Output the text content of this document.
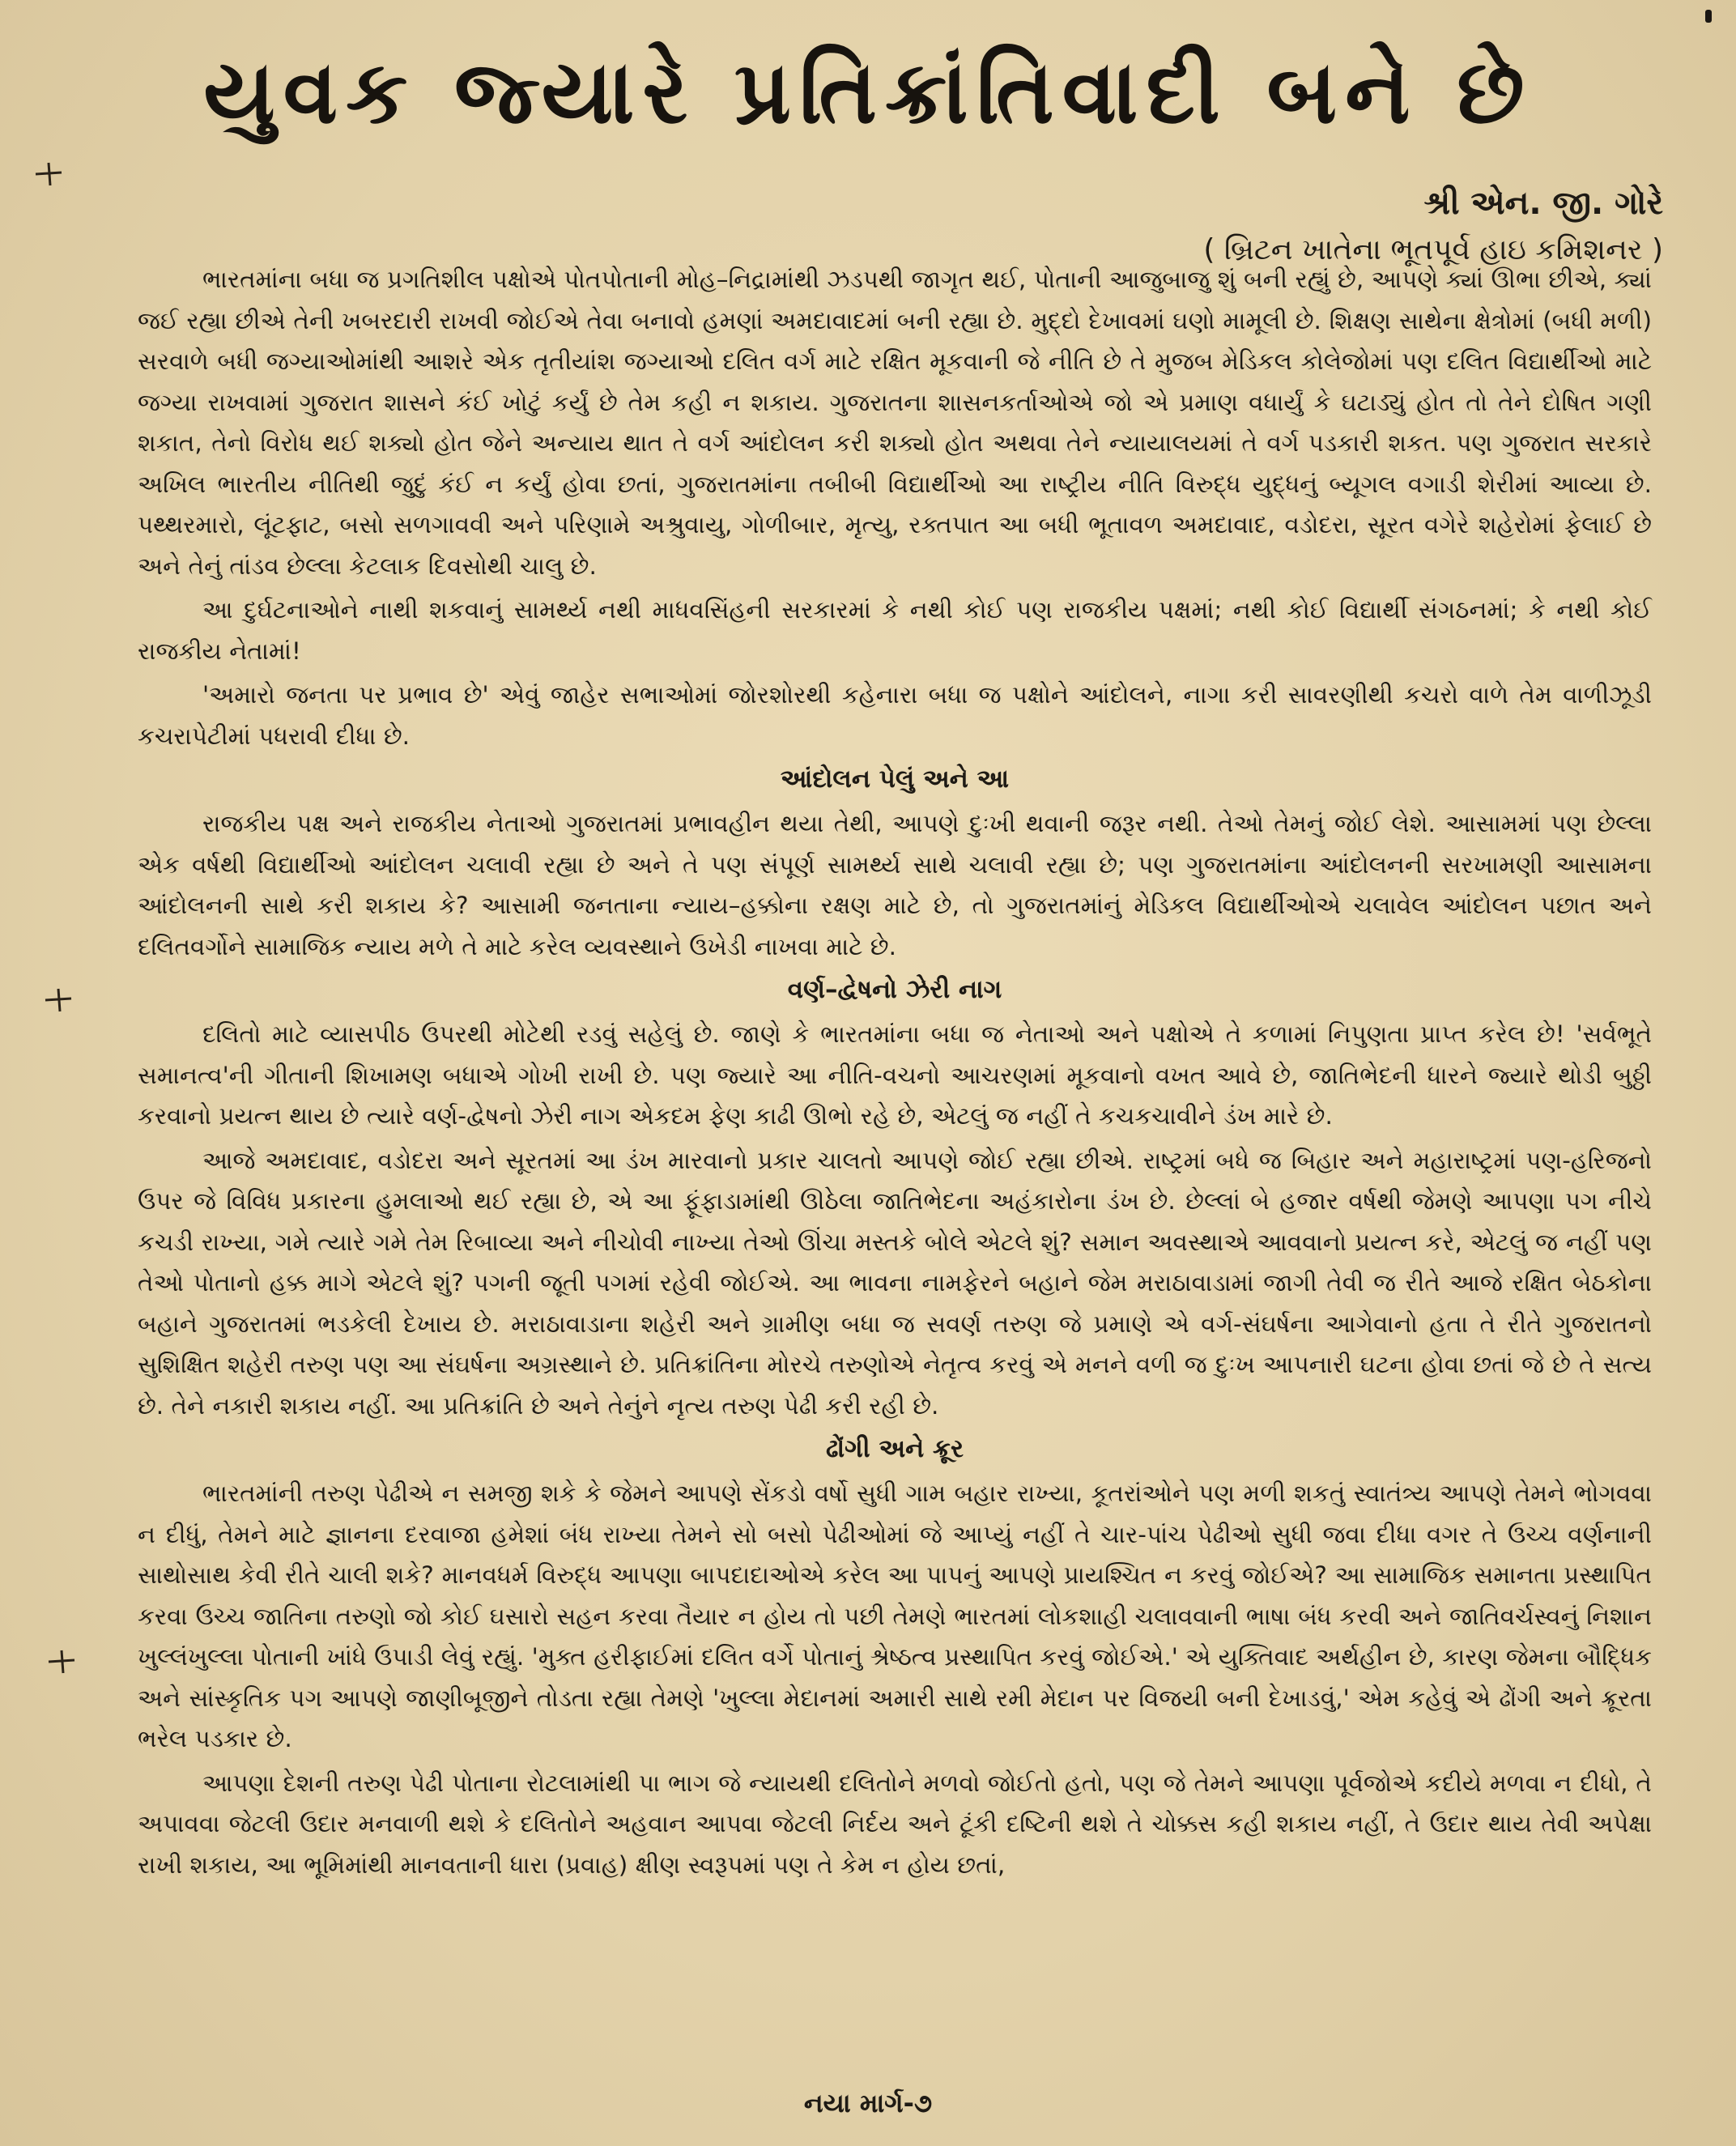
યુવક જ્યારે પ્રતિક્રાંતિવાદી બને છે
શ્રી એન. જી. ગોરે
( બ્રિટન ખાતેના ભૂતપૂર્વ હાઇ કમિશનર )

ભારતમાંના બધા જ પ્રગતિશીલ પક્ષોએ પોતપોતાની મોહ–નિદ્રામાંથી ઝડપથી જાગૃત થઈ, પોતાની આજુબાજુ શું બની રહ્યું છે, આપણે ક્યાં ઊભા છીએ, ક્યાં જઈ રહ્યા છીએ તેની ખબરદારી રાખવી જોઈએ તેવા બનાવો હમણાં અમદાવાદમાં બની રહ્યા છે. મુદ્દો દેખાવમાં ઘણો મામૂલી છે. શિક્ષણ સાથેના ક્ષેત્રોમાં (બધી મળી) સરવાળે બધી જગ્યાઓમાંથી આશરે એક તૃતીયાંશ જગ્યાઓ દલિત વર્ગ માટે રક્ષિત મૂકવાની જે નીતિ છે તે મુજબ મેડિકલ કોલેજોમાં પણ દલિત વિદ્યાર્થીઓ માટે જગ્યા રાખવામાં ગુજરાત શાસને કંઈ ખોટું કર્યું છે તેમ કહી ન શકાય. ગુજરાતના શાસનકર્તાઓએ જો એ પ્રમાણ વધાર્યું કે ઘટાડ્યું હોત તો તેને દોષિત ગણી શકાત, તેનો વિરોધ થઈ શક્યો હોત જેને અન્યાય થાત તે વર્ગ આંદોલન કરી શક્યો હોત અથવા તેને ન્યાયાલયમાં તે વર્ગ પડકારી શકત. પણ ગુજરાત સરકારે અખિલ ભારતીય નીતિથી જુદું કંઈ ન કર્યું હોવા છતાં, ગુજરાતમાંના તબીબી વિદ્યાર્થીઓ આ રાષ્ટ્રીય નીતિ વિરુદ્ધ યુદ્ધનું બ્યૂગલ વગાડી શેરીમાં આવ્યા છે. પથ્થરમારો, લૂંટફાટ, બસો સળગાવવી અને પરિણામે અશ્રુવાયુ, ગોળીબાર, મૃત્યુ, રક્તપાત આ બધી ભૂતાવળ અમદાવાદ, વડોદરા, સૂરત વગેરે શહેરોમાં ફેલાઈ છે અને તેનું તાંડવ છેલ્લા કેટલાક દિવસોથી ચાલુ છે.

આ દુર્ઘટનાઓને નાથી શકવાનું સામર્થ્ય નથી માધવસિંહની સરકારમાં કે નથી કોઈ પણ રાજકીય પક્ષમાં; નથી કોઈ વિદ્યાર્થી સંગઠનમાં; કે નથી કોઈ રાજકીય નેતામાં!

'અમારો જનતા પર પ્રભાવ છે' એવું જાહેર સભાઓમાં જોરશોરથી કહેનારા બધા જ પક્ષોને આંદોલને, નાગા કરી સાવરણીથી કચરો વાળે તેમ વાળીઝૂડી કચરાપેટીમાં પધરાવી દીધા છે.

આંદોલન પેલું અને આ

રાજકીય પક્ષ અને રાજકીય નેતાઓ ગુજરાતમાં પ્રભાવહીન થયા તેથી, આપણે દુઃખી થવાની જરૂર નથી. તેઓ તેમનું જોઈ લેશે. આસામમાં પણ છેલ્લા એક વર્ષથી વિદ્યાર્થીઓ આંદોલન ચલાવી રહ્યા છે અને તે પણ સંપૂર્ણ સામર્થ્ય સાથે ચલાવી રહ્યા છે; પણ ગુજરાતમાંના આંદોલનની સરખામણી આસામના આંદોલનની સાથે કરી શકાય કે? આસામી જનતાના ન્યાય–હક્કોના રક્ષણ માટે છે, તો ગુજરાતમાંનું મેડિકલ વિદ્યાર્થીઓએ ચલાવેલ આંદોલન પછાત અને દલિતવર્ગોને સામાજિક ન્યાય મળે તે માટે કરેલ વ્યવસ્થાને ઉખેડી નાખવા માટે છે.

વર્ણ–દ્વેષનો ઝેરી નાગ

દલિતો માટે વ્યાસપીઠ ઉપરથી મોટેથી રડવું સહેલું છે. જાણે કે ભારતમાંના બધા જ નેતાઓ અને પક્ષોએ તે કળામાં નિપુણતા પ્રાપ્ત કરેલ છે! 'સર્વભૂતે સમાનત્વ'ની ગીતાની શિખામણ બધાએ ગોખી રાખી છે. પણ જ્યારે આ નીતિ-વચનો આચરણમાં મૂકવાનો વખત આવે છે, જાતિભેદની ધારને જ્યારે થોડી બુઠ્ઠી કરવાનો પ્રયત્ન થાય છે ત્યારે વર્ણ-દ્વેષનો ઝેરી નાગ એકદમ ફેણ કાઢી ઊભો રહે છે, એટલું જ નહીં તે કચકચાવીને ડંખ મારે છે.

આજે અમદાવાદ, વડોદરા અને સૂરતમાં આ ડંખ મારવાનો પ્રકાર ચાલતો આપણે જોઈ રહ્યા છીએ. રાષ્ટ્રમાં બધે જ બિહાર અને મહારાષ્ટ્રમાં પણ-હરિજનો ઉપર જે વિવિધ પ્રકારના હુમલાઓ થઈ રહ્યા છે, એ આ ફૂંફાડામાંથી ઊઠેલા જાતિભેદના અહંકારોના ડંખ છે. છેલ્લાં બે હજાર વર્ષથી જેમણે આપણા પગ નીચે કચડી રાખ્યા, ગમે ત્યારે ગમે તેમ રિબાવ્યા અને નીચોવી નાખ્યા તેઓ ઊંચા મસ્તકે બોલે એટલે શું? સમાન અવસ્થાએ આવવાનો પ્રયત્ન કરે, એટલું જ નહીં પણ તેઓ પોતાનો હક્ક માગે એટલે શું? પગની જૂતી પગમાં રહેવી જોઈએ. આ ભાવના નામફેરને બહાને જેમ મરાઠાવાડામાં જાગી તેવી જ રીતે આજે રક્ષિત બેઠકોના બહાને ગુજરાતમાં ભડકેલી દેખાય છે. મરાઠાવાડાના શહેરી અને ગ્રામીણ બધા જ સવર્ણ તરુણ જે પ્રમાણે એ વર્ગ-સંઘર્ષના આગેવાનો હતા તે રીતે ગુજરાતનો સુશિક્ષિત શહેરી તરુણ પણ આ સંઘર્ષના અગ્રસ્થાને છે. પ્રતિક્રાંતિના મોરચે તરુણોએ નેતૃત્વ કરવું એ મનને વળી જ દુઃખ આપનારી ઘટના હોવા છતાં જે છે તે સત્ય છે. તેને નકારી શકાય નહીં. આ પ્રતિક્રાંતિ છે અને તેનુંને નૃત્ય તરુણ પેઢી કરી રહી છે.

ઢોંગી અને ક્રૂર

ભારતમાંની તરુણ પેઢીએ ન સમજી શકે કે જેમને આપણે સેંકડો વર્ષો સુધી ગામ બહાર રાખ્યા, કૂતરાંઓને પણ મળી શકતું સ્વાતંત્ર્ય આપણે તેમને ભોગવવા ન દીધું, તેમને માટે જ્ઞાનના દરવાજા હમેશાં બંધ રાખ્યા તેમને સો બસો પેઢીઓમાં જે આપ્યું નહીં તે ચાર-પાંચ પેઢીઓ સુધી જવા દીધા વગર તે ઉચ્ચ વર્ણનાની સાથોસાથ કેવી રીતે ચાલી શકે? માનવધર્મ વિરુદ્ધ આપણા બાપદાદાઓએ કરેલ આ પાપનું આપણે પ્રાયશ્ચિત ન કરવું જોઈએ? આ સામાજિક સમાનતા પ્રસ્થાપિત કરવા ઉચ્ચ જાતિના તરુણો જો કોઈ ઘસારો સહન કરવા તૈયાર ન હોય તો પછી તેમણે ભારતમાં લોકશાહી ચલાવવાની ભાષા બંધ કરવી અને જાતિવર્ચસ્વનું નિશાન ખુલ્લંખુલ્લા પોતાની ખાંધે ઉપાડી લેવું રહ્યું. 'મુક્ત હરીફાઈમાં દલિત વર્ગે પોતાનું શ્રેષ્ઠત્વ પ્રસ્થાપિત કરવું જોઈએ.' એ યુક્તિવાદ અર્થહીન છે, કારણ જેમના બૌદ્ધિક અને સાંસ્કૃતિક પગ આપણે જાણીબૂજીને તોડતા રહ્યા તેમણે 'ખુલ્લા મેદાનમાં અમારી સાથે રમી મેદાન પર વિજયી બની દેખાડવું,' એમ કહેવું એ ઢોંગી અને ક્રૂરતા ભરેલ પડકાર છે.

આપણા દેશની તરુણ પેઢી પોતાના રોટલામાંથી પા ભાગ જે ન્યાયથી દલિતોને મળવો જોઈતો હતો, પણ જે તેમને આપણા પૂર્વજોએ કદીયે મળવા ન દીધો, તે અપાવવા જેટલી ઉદાર મનવાળી થશે કે દલિતોને અહવાન આપવા જેટલી નિર્દય અને ટૂંકી દષ્ટિની થશે તે ચોક્કસ કહી શકાય નહીં, તે ઉદાર થાય તેવી અપેક્ષા રાખી શકાય, આ ભૂમિમાંથી માનવતાની ધારા (પ્રવાહ) ક્ષીણ સ્વરૂપમાં પણ તે કેમ ન હોય છતાં,

નયા માર્ગ-૭
